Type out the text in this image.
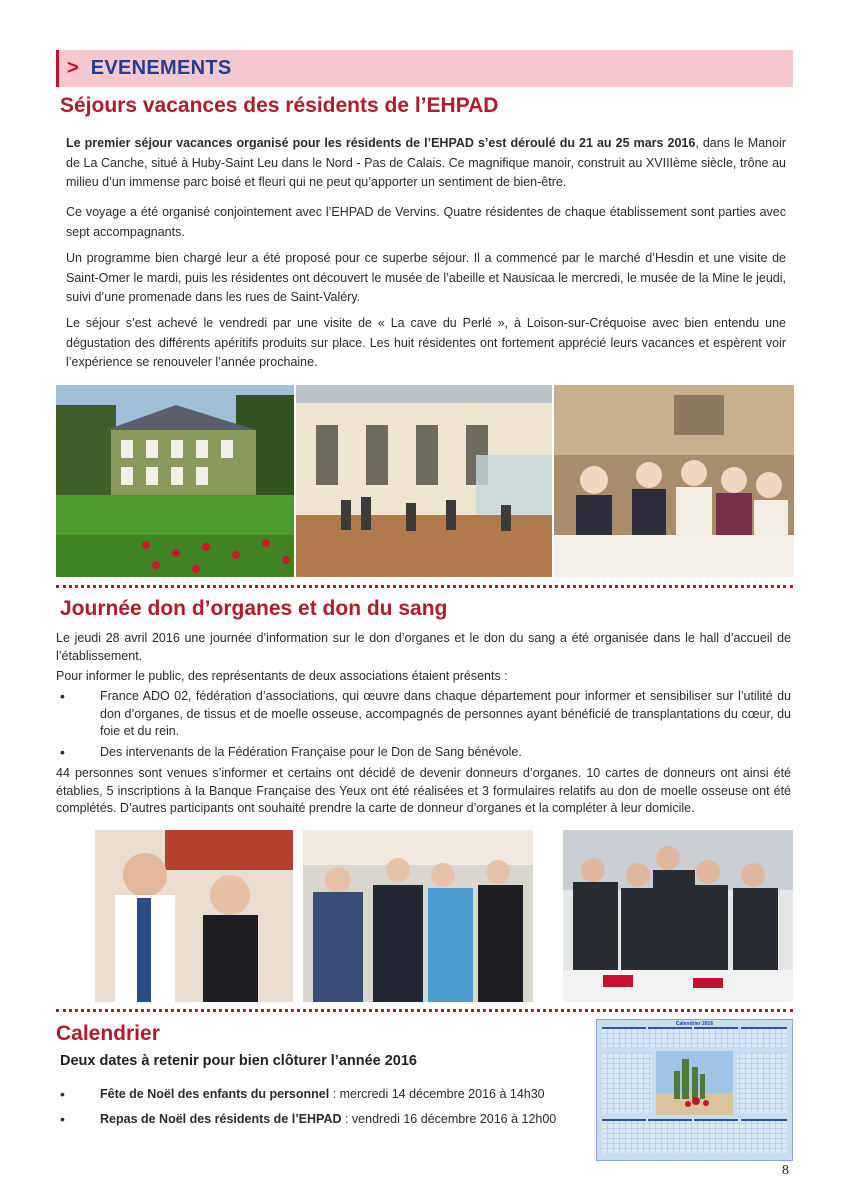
> EVENEMENTS
Séjours vacances des résidents de l’EHPAD

Le premier séjour vacances organisé pour les résidents de l’EHPAD s’est déroulé du 21 au 25 mars 2016, dans le Manoir de La Canche, situé à Huby-Saint Leu dans le Nord - Pas de Calais. Ce magnifique manoir, construit au XVIIIème siècle, trône au milieu d’un immense parc boisé et fleuri qui ne peut qu’apporter un sentiment de bien-être.

Ce voyage a été organisé conjointement avec l’EHPAD de Vervins. Quatre résidentes de chaque établissement sont parties avec sept accompagnants.

Un programme bien chargé leur a été proposé pour ce superbe séjour. Il a commencé par le marché d’Hesdin et une visite de Saint-Omer le mardi, puis les résidentes ont découvert le musée de l’abeille et Nausicaa le mercredi, le musée de la Mine le jeudi, suivi d’une promenade dans les rues de Saint-Valéry.

Le séjour s’est achevé le vendredi par une visite de « La cave du Perlé », à Loison-sur-Créquoise avec bien entendu une dégustation des différents apéritifs produits sur place. Les huit résidentes ont fortement apprécié leurs vacances et espèrent voir l’expérience se renouveler l’année prochaine.

Journée don d’organes et don du sang

Le jeudi 28 avril 2016 une journée d’information sur le don d’organes et le don du sang a été organisée dans le hall d’accueil de l’établissement.

Pour informer le public, des représentants de deux associations étaient présents :

•	France ADO 02, fédération d’associations, qui œuvre dans chaque département pour informer et sensibiliser sur l’utilité du don d’organes, de tissus et de moelle osseuse, accompagnés de personnes ayant bénéficié de transplantations du cœur, du foie et du rein.
•	Des intervenants de la Fédération Française pour le Don de Sang bénévole.

44 personnes sont venues s’informer et certains ont décidé de devenir donneurs d’organes. 10 cartes de donneurs ont ainsi été établies, 5 inscriptions à la Banque Française des Yeux ont été réalisées et 3 formulaires relatifs au don de moelle osseuse ont été complétés. D’autres participants ont souhaité prendre la carte de donneur d’organes et la compléter à leur domicile.

Calendrier
Deux dates à retenir pour bien clôturer l’année 2016
•	Fête de Noël des enfants du personnel : mercredi 14 décembre 2016 à 14h30
•	Repas de Noël des résidents de l’EHPAD : vendredi 16 décembre 2016 à 12h00
Calendrier 2016
8
